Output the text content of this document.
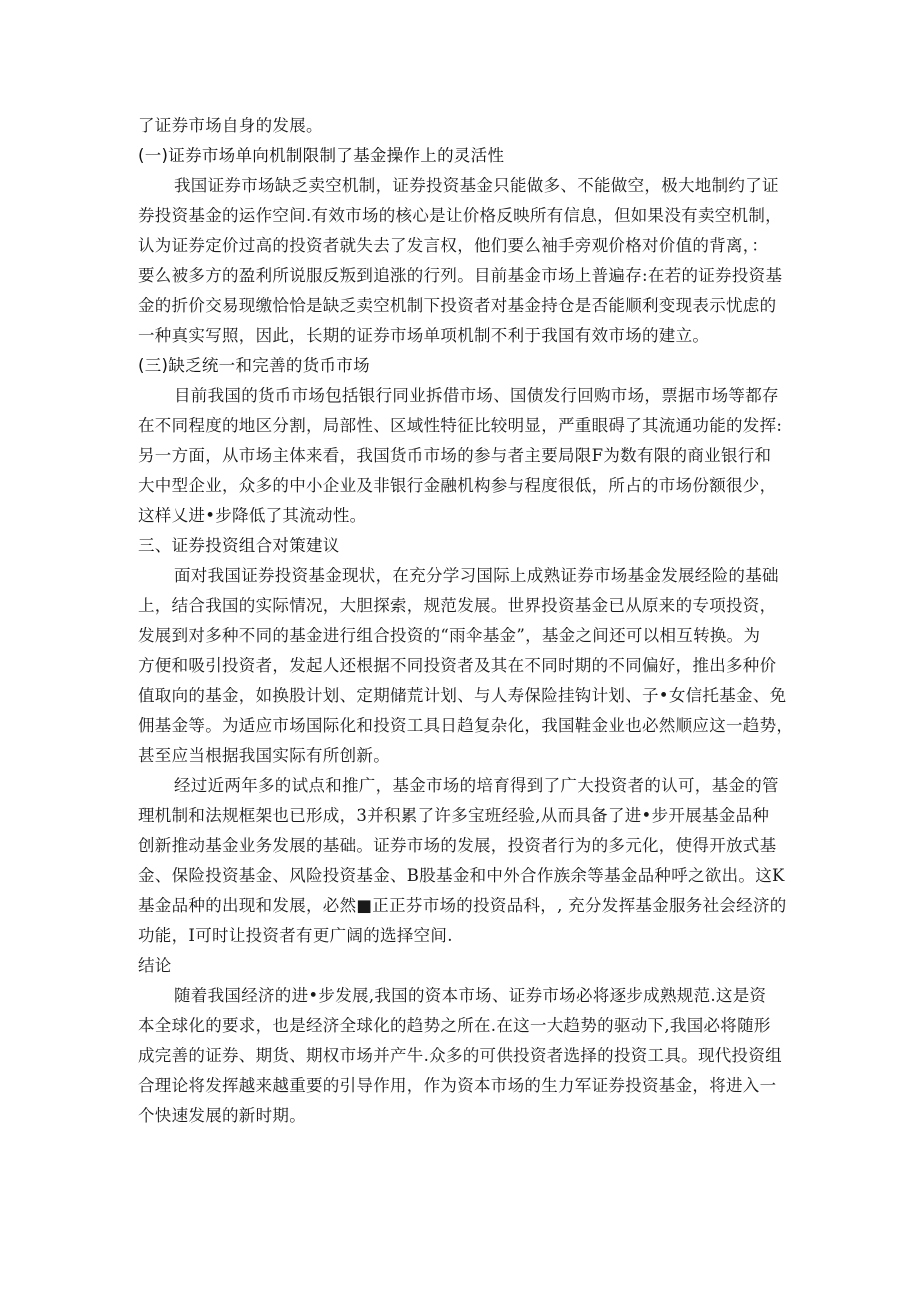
了证券市场自身的发展。
(一)证券市场单向机制限制了基金操作上的灵活性
我国证券市场缺乏卖空机制，证券投资基金只能做多、不能做空，极大地制约了证
券投资基金的运作空间.有效市场的核心是让价格反映所有信息，但如果没有卖空机制，
认为证券定价过高的投资者就失去了发言权，他们要么袖手旁观价格对价值的背离，：
要么被多方的盈利所说服反叛到追涨的行列。目前基金市场上普遍存:在若的证券投资基
金的折价交易现缴恰恰是缺乏卖空机制下投资者对基金持仓是否能顺利变现表示忧虑的
一种真实写照，因此，长期的证券市场单项机制不利于我国有效市场的建立。
(三)缺乏统一和完善的货币市场
目前我国的货币市场包括银行同业拆借市场、国债发行回购市场，票据市场等都存
在不同程度的地区分割，局部性、区域性特征比较明显，严重眼碍了其流通功能的发挥:
另一方面，从市场主体来看，我国货币市场的参与者主要局限F为数有限的商业银行和
大中型企业，众多的中小企业及非银行金融机构参与程度很低，所占的市场份额很少，
这样乂进•步降低了其流动性。
三、证券投资组合对策建议
面对我国证券投资基金现状，在充分学习国际上成熟证券市场基金发展经险的基础
上，结合我国的实际情况，大胆探索，规范发展。世界投资基金已从原来的专项投资，
发展到对多种不同的基金进行组合投资的“雨伞基金”，基金之间还可以相互转换。为
方便和吸引投资者，发起人还根据不同投资者及其在不同时期的不同偏好，推出多种价
值取向的基金，如换股计划、定期储荒计划、与人寿保险挂钩计划、子•女信托基金、免
佣基金等。为适应市场国际化和投资工具日趋复杂化，我国鞋金业也必然顺应这一趋势，
甚至应当根据我国实际有所创新。
经过近两年多的试点和推广，基金市场的培育得到了广大投资者的认可，基金的管
理机制和法规框架也已形成，3并积累了许多宝班经验,从而具备了进•步开展基金品种
创新推动基金业务发展的基础。证券市场的发展，投资者行为的多元化，使得开放式基
金、保险投资基金、风险投资基金、B股基金和中外合作族余等基金品种呼之欲出。这K
基金品种的出现和发展，必然■正正芬市场的投资品科，, 充分发挥基金服务社会经济的
功能，I可时让投资者有更广阔的选择空间.
结论
随着我国经济的进•步发展,我国的资本市场、证券市场必将逐步成熟规范.这是资
本全球化的要求，也是经济全球化的趋势之所在.在这一大趋势的驱动下,我国必将随形
成完善的证券、期货、期权市场并产牛.众多的可供投资者选择的投资工具。现代投资组
合理论将发挥越来越重要的引导作用，作为资本市场的生力军证券投资基金，将进入一
个快速发展的新时期。
